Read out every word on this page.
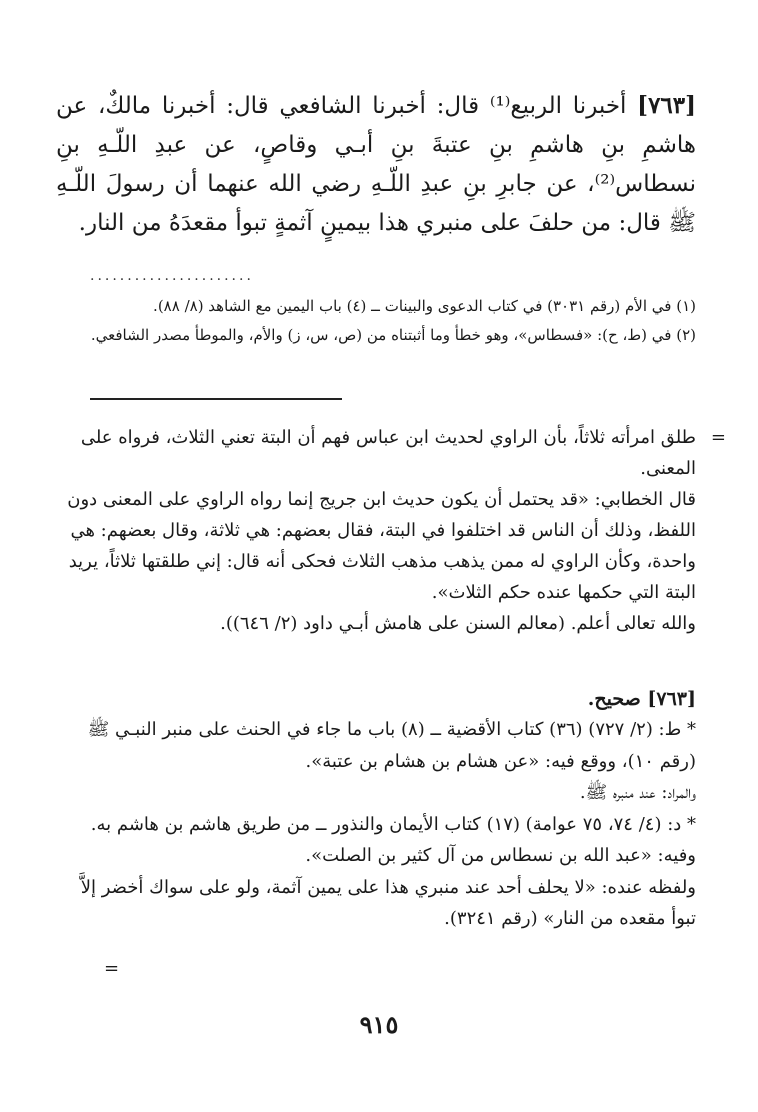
[٧٦٣] أخبرنا الربيع⁽¹⁾ قال: أخبرنا الشافعي قال: أخبرنا مالكٌ، عن هاشمِ بنِ هاشمِ بنِ عتبةَ بنِ أبـي وقاصٍ، عن عبدِ اللّـهِ بنِ نسطاس⁽²⁾، عن جابرِ بنِ عبدِ اللّـهِ رضي الله عنهما أن رسولَ اللّـهِ ﷺ قال: من حلفَ على منبري هذا بيمينٍ آثمةٍ تبوأ مقعدَهُ من النار.
......................
(١) في الأم (رقم ٣٠٣١) في كتاب الدعوى والبينات ــ (٤) باب اليمين مع الشاهد (٨/ ٨٨).
(٢) في (ط، ح): «فسطاس»، وهو خطأ وما أثبتناه من (ص، س، ز) والأم، والموطأ مصدر الشافعي.
=

طلق امرأته ثلاثاً، بأن الراوي لحديث ابن عباس فهم أن البتة تعني الثلاث، فرواه على المعنى.

قال الخطابي: «قد يحتمل أن يكون حديث ابن جريج إنما رواه الراوي على المعنى دون اللفظ، وذلك أن الناس قد اختلفوا في البتة، فقال بعضهم: هي ثلاثة، وقال بعضهم: هي واحدة، وكأن الراوي له ممن يذهب مذهب الثلاث فحكى أنه قال: إني طلقتها ثلاثاً، يريد البتة التي حكمها عنده حكم الثلاث».

والله تعالى أعلم. (معالم السنن على هامش أبـي داود (٢/ ٦٤٦)).

[٧٦٣] صحيح.

* ط: (٢/ ٧٢٧) (٣٦) كتاب الأقضية ــ (٨) باب ما جاء في الحنث على منبر النبـي ﷺ (رقم ١٠)، ووقع فيه: «عن هشام بن هشام بن عتبة».

والمراد: عند منبره ﷺ.

* د: (٤/ ٧٤، ٧٥ عوامة) (١٧) كتاب الأيمان والنذور ــ من طريق هاشم بن هاشم به.

وفيه: «عبد الله بن نسطاس من آل كثير بن الصلت».

ولفظه عنده: «لا يحلف أحد عند منبري هذا على يمين آثمة، ولو على سواك أخضر إلاَّ تبوأ مقعده من النار» (رقم ٣٢٤١).

=
٩١٥
